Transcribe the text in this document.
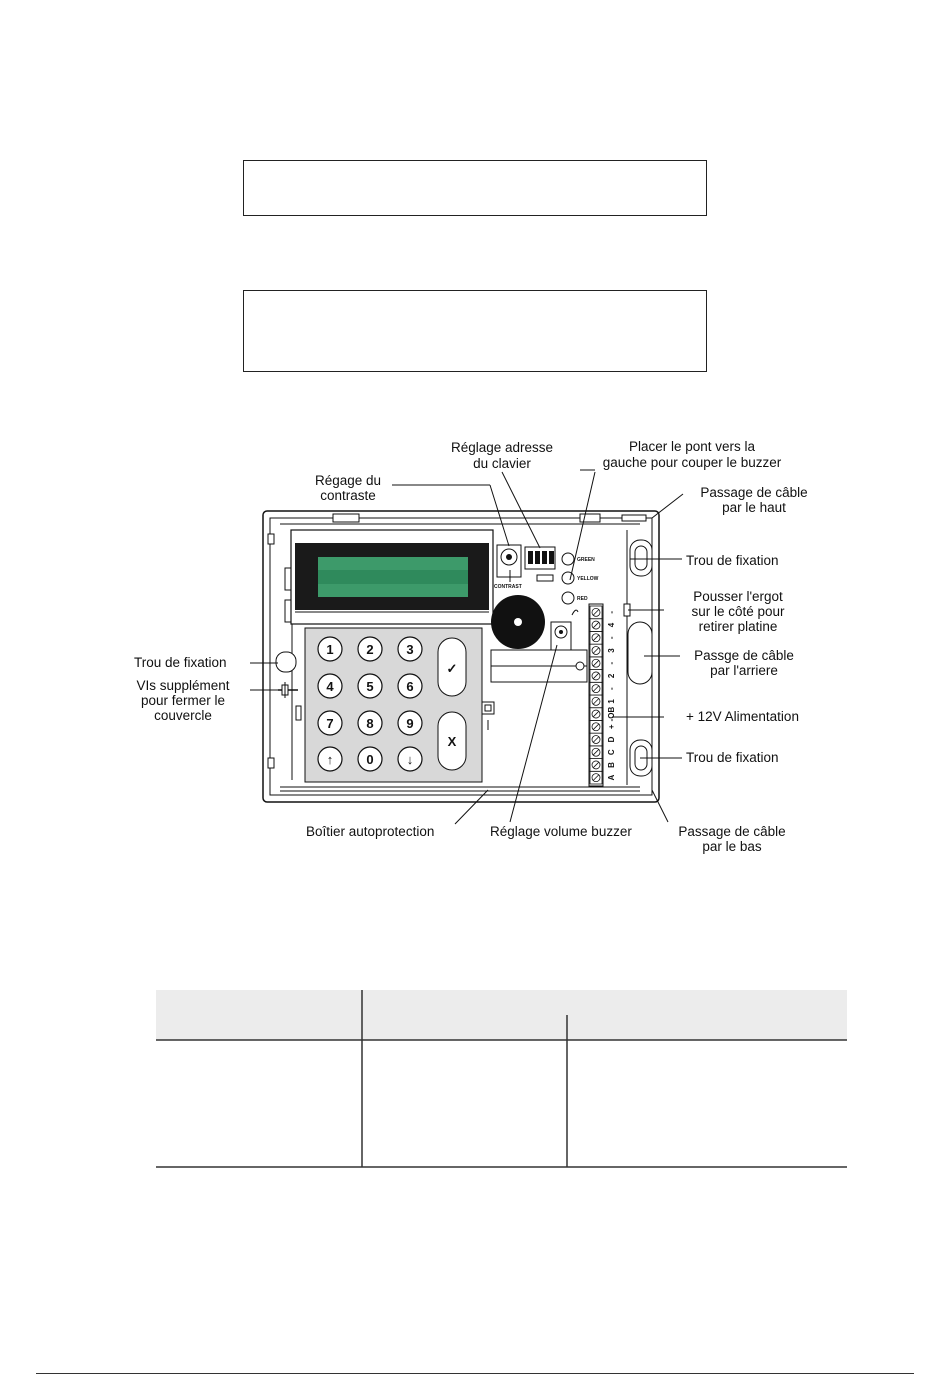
CONTRAST
GREEN
YELLOW
RED
A
B
C
D
+
-OB
1
-
2
-
3
-
4
-
1	2	3
4	5	6
7	8	9
↑	0	↓
✓
X
Réglage adresse
du clavier
Placer le pont vers la
gauche pour couper le buzzer
Régage du
contraste	Passage de câble
par le haut
Trou de fixation
Pousser l'ergot
sur le côté pour
retirer platine
Passge de câble
par l'arriere
+ 12V Alimentation
Trou de fixation
Trou de fixation
VIs supplément
pour fermer le
couvercle
Boîtier autoprotection	Réglage volume buzzer	Passage de câble
par le bas
